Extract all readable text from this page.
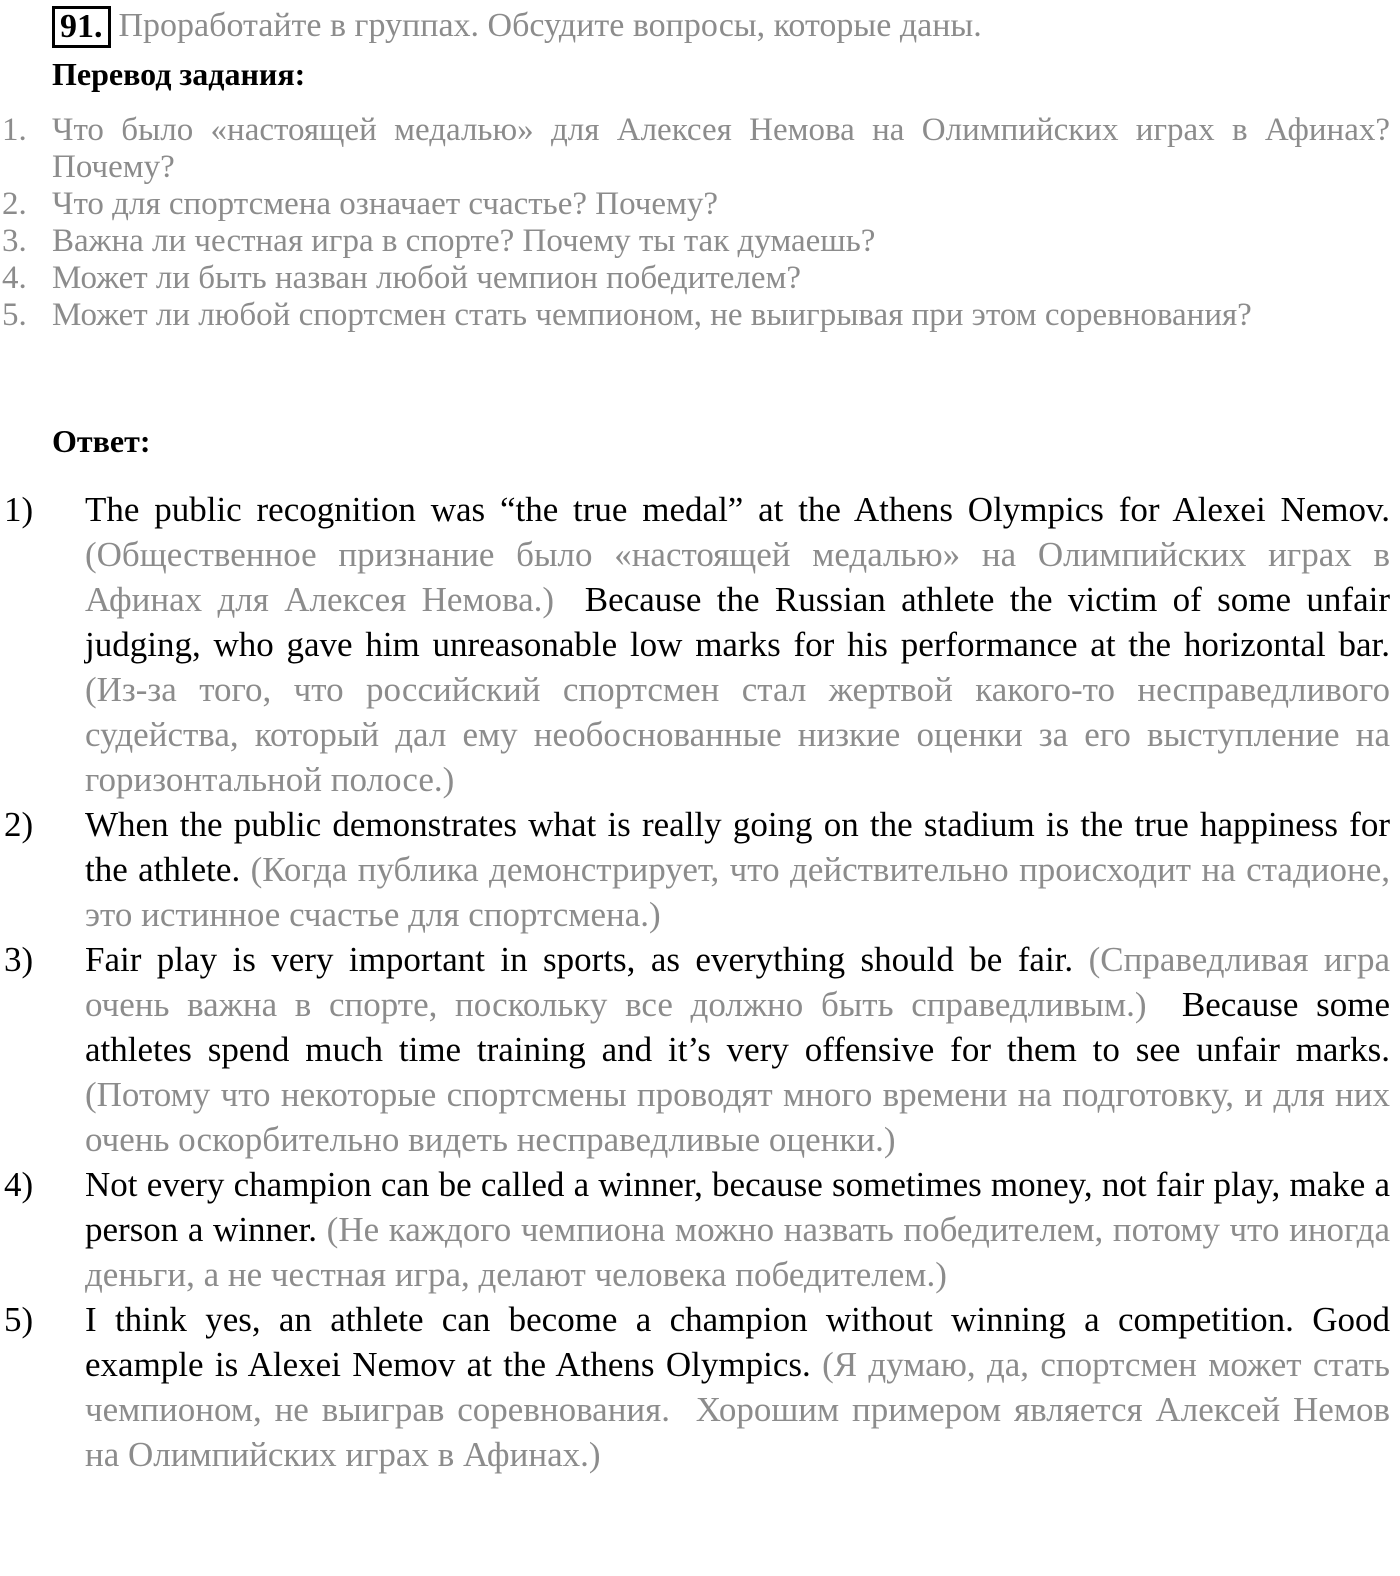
91. Проработайте в группах. Обсудите вопросы, которые даны.
Перевод задания:
1. Что было «настоящей медалью» для Алексея Немова на Олимпийских играх в Афинах? Почему?
2. Что для спортсмена означает счастье? Почему?
3. Важна ли честная игра в спорте? Почему ты так думаешь?
4. Может ли быть назван любой чемпион победителем?
5. Может ли любой спортсмен стать чемпионом, не выигрывая при этом соревнования?
Ответ:
1) The public recognition was “the true medal” at the Athens Olympics for Alexei Nemov. (Общественное признание было «настоящей медалью» на Олимпийских играх в Афинах для Алексея Немова.) Because the Russian athlete the victim of some unfair judging, who gave him unreasonable low marks for his performance at the horizontal bar. (Из-за того, что российский спортсмен стал жертвой какого-то несправедливого судейства, который дал ему необоснованные низкие оценки за его выступление на горизонтальной полосе.)
2) When the public demonstrates what is really going on the stadium is the true happiness for the athlete. (Когда публика демонстрирует, что действительно происходит на стадионе, это истинное счастье для спортсмена.)
3) Fair play is very important in sports, as everything should be fair. (Справедливая игра очень важна в спорте, поскольку все должно быть справедливым.) Because some athletes spend much time training and it’s very offensive for them to see unfair marks. (Потому что некоторые спортсмены проводят много времени на подготовку, и для них очень оскорбительно видеть несправедливые оценки.)
4) Not every champion can be called a winner, because sometimes money, not fair play, make a person a winner. (Не каждого чемпиона можно назвать победителем, потому что иногда деньги, а не честная игра, делают человека победителем.)
5) I think yes, an athlete can become a champion without winning a competition. Good example is Alexei Nemov at the Athens Olympics. (Я думаю, да, спортсмен может стать чемпионом, не выиграв соревнования. Хорошим примером является Алексей Немов на Олимпийских играх в Афинах.)
